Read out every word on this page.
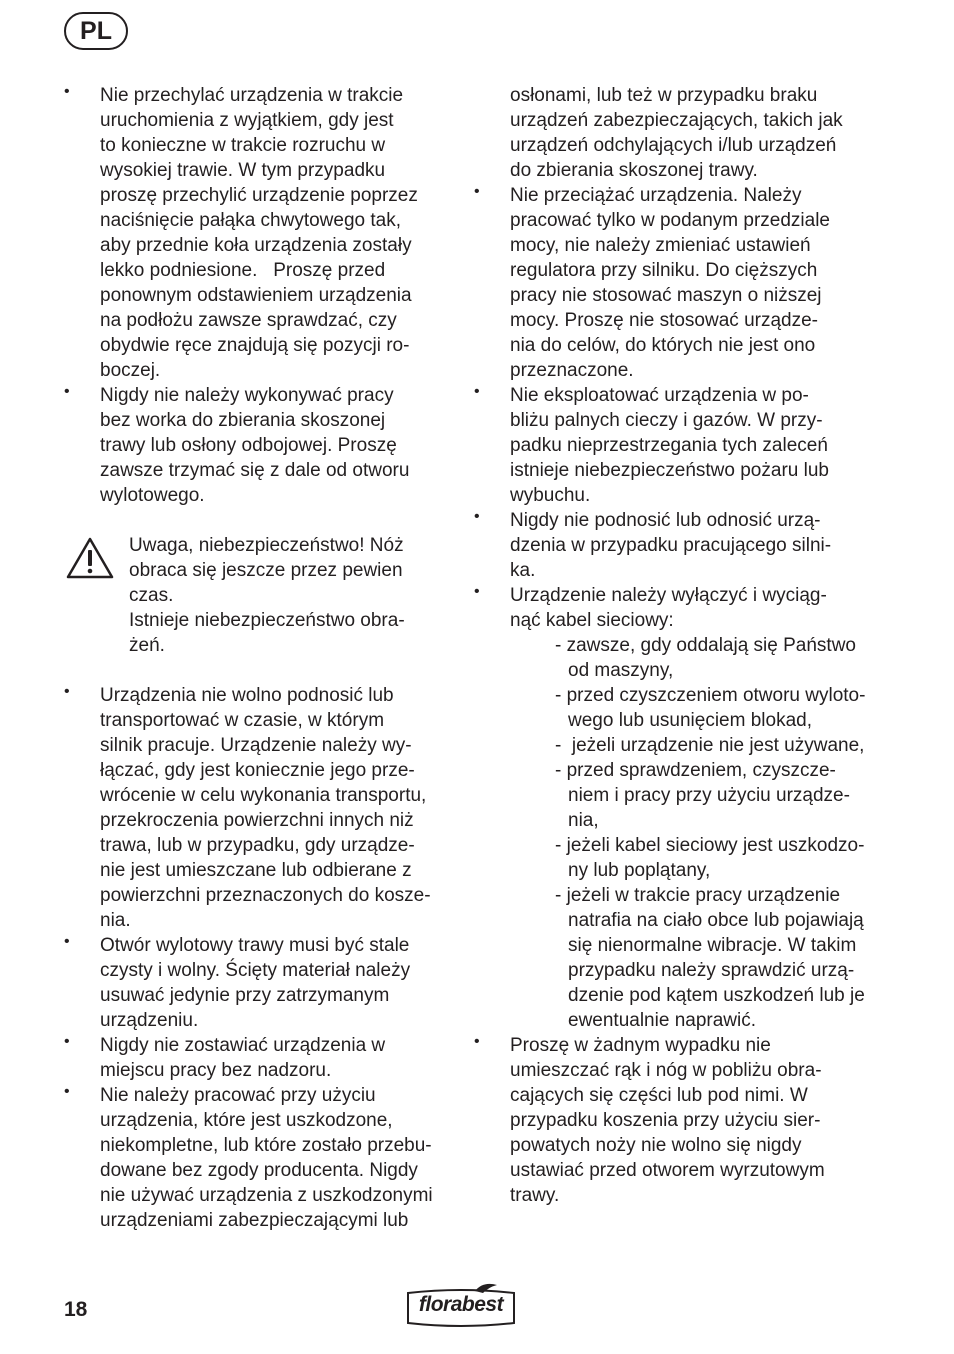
PL
• Nie przechylać urządzenia w trakcie
uruchomienia z wyjątkiem, gdy jest
to konieczne w trakcie rozruchu w
wysokiej trawie. W tym przypadku
proszę przechylić urządzenie poprzez
naciśnięcie pałąka chwytowego tak,
aby przednie koła urządzenia zostały
lekko podniesione.   Proszę przed
ponownym odstawieniem urządzenia
na podłożu zawsze sprawdzać, czy
obydwie ręce znajdują się pozycji ro-
boczej.
• Nigdy nie należy wykonywać pracy
bez worka do zbierania skoszonej
trawy lub osłony odbojowej. Proszę
zawsze trzymać się z dale od otworu
wylotowego.
Uwaga, niebezpieczeństwo! Nóż
obraca się jeszcze przez pewien
czas.
Istnieje niebezpieczeństwo obra-
żeń.
• Urządzenia nie wolno podnosić lub
transportować w czasie, w którym
silnik pracuje. Urządzenie należy wy-
łączać, gdy jest koniecznie jego prze-
wrócenie w celu wykonania transportu,
przekroczenia powierzchni innych niż
trawa, lub w przypadku, gdy urządze-
nie jest umieszczane lub odbierane z
powierzchni przeznaczonych do kosze-
nia.
• Otwór wylotowy trawy musi być stale
czysty i wolny. Ścięty materiał należy
usuwać jedynie przy zatrzymanym
urządzeniu.
• Nigdy nie zostawiać urządzenia w
miejscu pracy bez nadzoru.
• Nie należy pracować przy użyciu
urządzenia, które jest uszkodzone,
niekompletne, lub które zostało przebu-
dowane bez zgody producenta. Nigdy
nie używać urządzenia z uszkodzonymi
urządzeniami zabezpieczającymi lub
osłonami, lub też w przypadku braku
urządzeń zabezpieczających, takich jak
urządzeń odchylających i/lub urządzeń
do zbierania skoszonej trawy.
• Nie przeciążać urządzenia. Należy
pracować tylko w podanym przedziale
mocy, nie należy zmieniać ustawień
regulatora przy silniku. Do cięższych
pracy nie stosować maszyn o niższej
mocy. Proszę nie stosować urządze-
nia do celów, do których nie jest ono
przeznaczone.
• Nie eksploatować urządzenia w po-
bliżu palnych cieczy i gazów. W przy-
padku nieprzestrzegania tych zaleceń
istnieje niebezpieczeństwo pożaru lub
wybuchu.
• Nigdy nie podnosić lub odnosić urzą-
dzenia w przypadku pracującego silni-
ka.
• Urządzenie należy wyłączyć i wyciąg-
nąć kabel sieciowy:
- zawsze, gdy oddalają się Państwo
od maszyny,
- przed czyszczeniem otworu wyloto-
wego lub usunięciem blokad,
-  jeżeli urządzenie nie jest używane,
- przed sprawdzeniem, czyszcze-
niem i pracy przy użyciu urządze-
nia,
- jeżeli kabel sieciowy jest uszkodzo-
ny lub poplątany,
- jeżeli w trakcie pracy urządzenie
natrafia na ciało obce lub pojawiają
się nienormalne wibracje. W takim
przypadku należy sprawdzić urzą-
dzenie pod kątem uszkodzeń lub je
ewentualnie naprawić.
• Proszę w żadnym wypadku nie
umieszczać rąk i nóg w pobliżu obra-
cających się części lub pod nimi. W
przypadku koszenia przy użyciu sier-
powatych noży nie wolno się nigdy
ustawiać przed otworem wyrzutowym
trawy.
18	florabest
